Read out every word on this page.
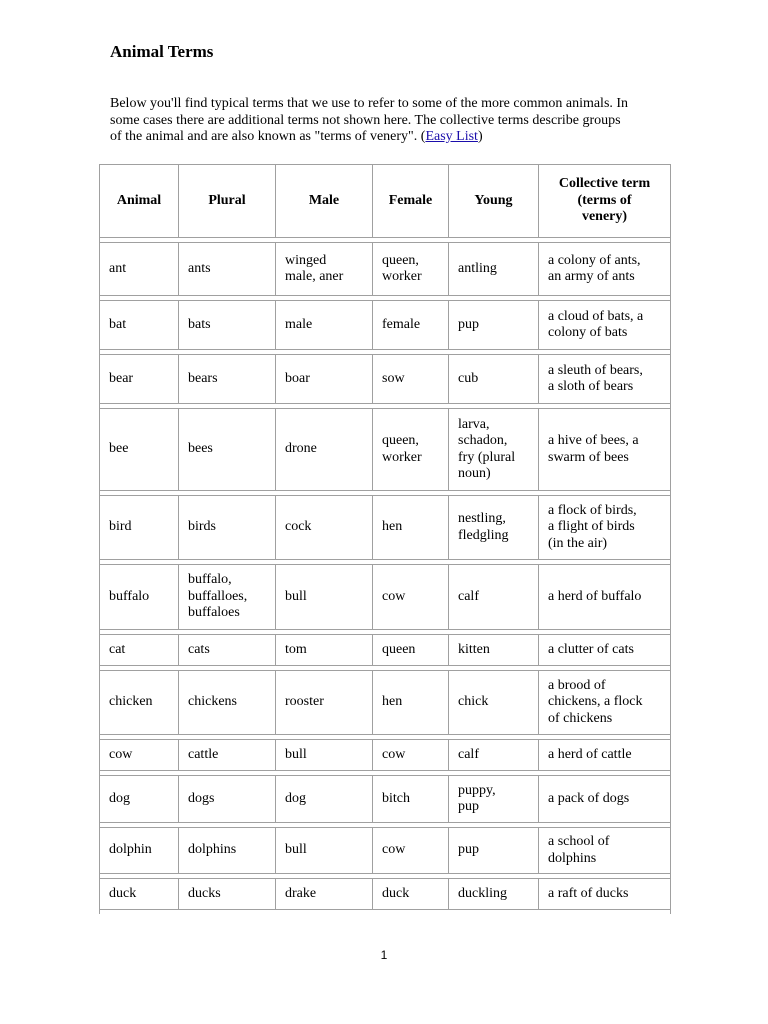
Animal Terms

Below you'll find typical terms that we use to refer to some of the more common animals. In some cases there are additional terms not shown here. The collective terms describe groups of the animal and are also known as "terms of venery". (Easy List)

Animal	Plural	Male	Female	Young	Collective term
(terms of
venery)

ant	ants	winged
male, aner	queen,
worker	antling	a colony of ants,
an army of ants

bat	bats	male	female	pup	a cloud of bats, a
colony of bats

bear	bears	boar	sow	cub	a sleuth of bears,
a sloth of bears

bee	bees	drone	queen,
worker	larva,
schadon,
fry (plural
noun)	a hive of bees, a
swarm of bees

bird	birds	cock	hen	nestling,
fledgling	a flock of birds,
a flight of birds
(in the air)

buffalo	buffalo,
buffalloes,
buffaloes	bull	cow	calf	a herd of buffalo

cat	cats	tom	queen	kitten	a clutter of cats

chicken	chickens	rooster	hen	chick	a brood of
chickens, a flock
of chickens

cow	cattle	bull	cow	calf	a herd of cattle

dog	dogs	dog	bitch	puppy,
pup	a pack of dogs

dolphin	dolphins	bull	cow	pup	a school of
dolphins

duck	ducks	drake	duck	duckling	a raft of ducks

1
